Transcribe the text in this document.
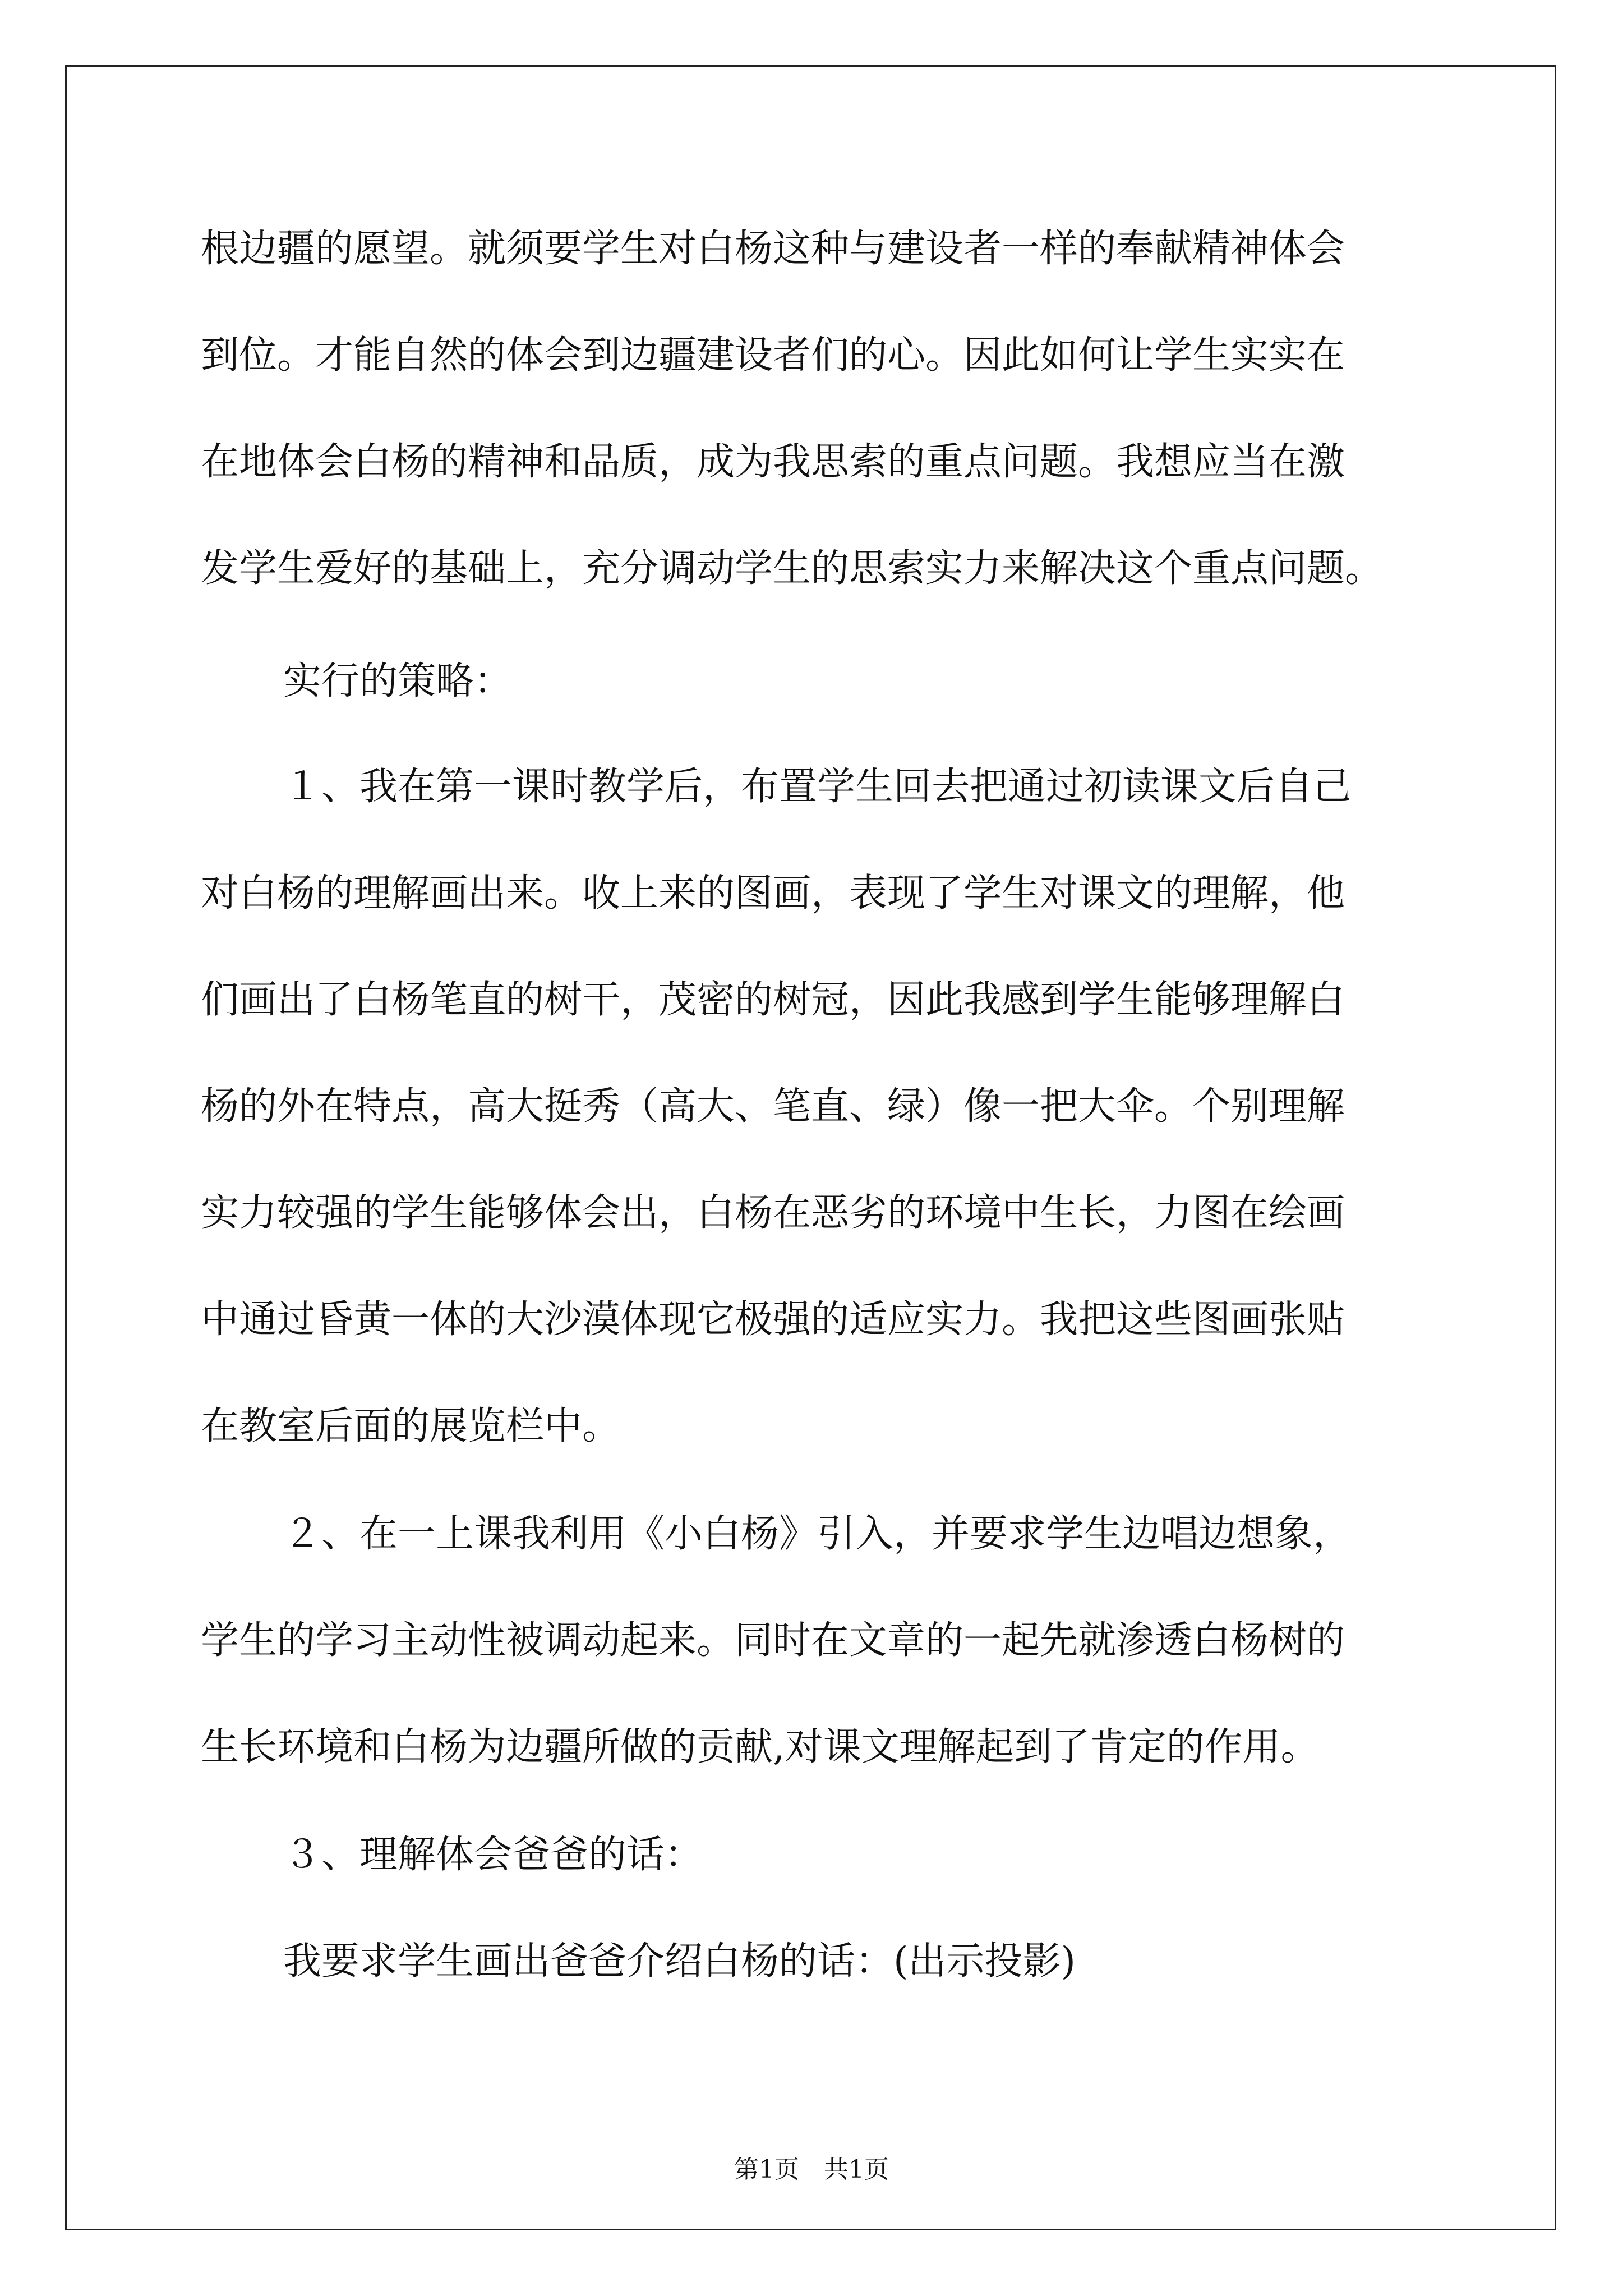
根边疆的愿望。就须要学生对白杨这种与建设者一样的奉献精神体会
到位。才能自然的体会到边疆建设者们的心。因此如何让学生实实在
在地体会白杨的精神和品质，成为我思索的重点问题。我想应当在激
发学生爱好的基础上，充分调动学生的思索实力来解决这个重点问题。
实行的策略：
１、我在第一课时教学后，布置学生回去把通过初读课文后自己
对白杨的理解画出来。收上来的图画，表现了学生对课文的理解，他
们画出了白杨笔直的树干，茂密的树冠，因此我感到学生能够理解白
杨的外在特点，高大挺秀（高大、笔直、绿）像一把大伞。个别理解
实力较强的学生能够体会出，白杨在恶劣的环境中生长，力图在绘画
中通过昏黄一体的大沙漠体现它极强的适应实力。我把这些图画张贴
在教室后面的展览栏中。
２、在一上课我利用《小白杨》引入，并要求学生边唱边想象，
学生的学习主动性被调动起来。同时在文章的一起先就渗透白杨树的
生长环境和白杨为边疆所做的贡献,对课文理解起到了肯定的作用。
３、理解体会爸爸的话：
我要求学生画出爸爸介绍白杨的话：(出示投影)
第1页　共1页
